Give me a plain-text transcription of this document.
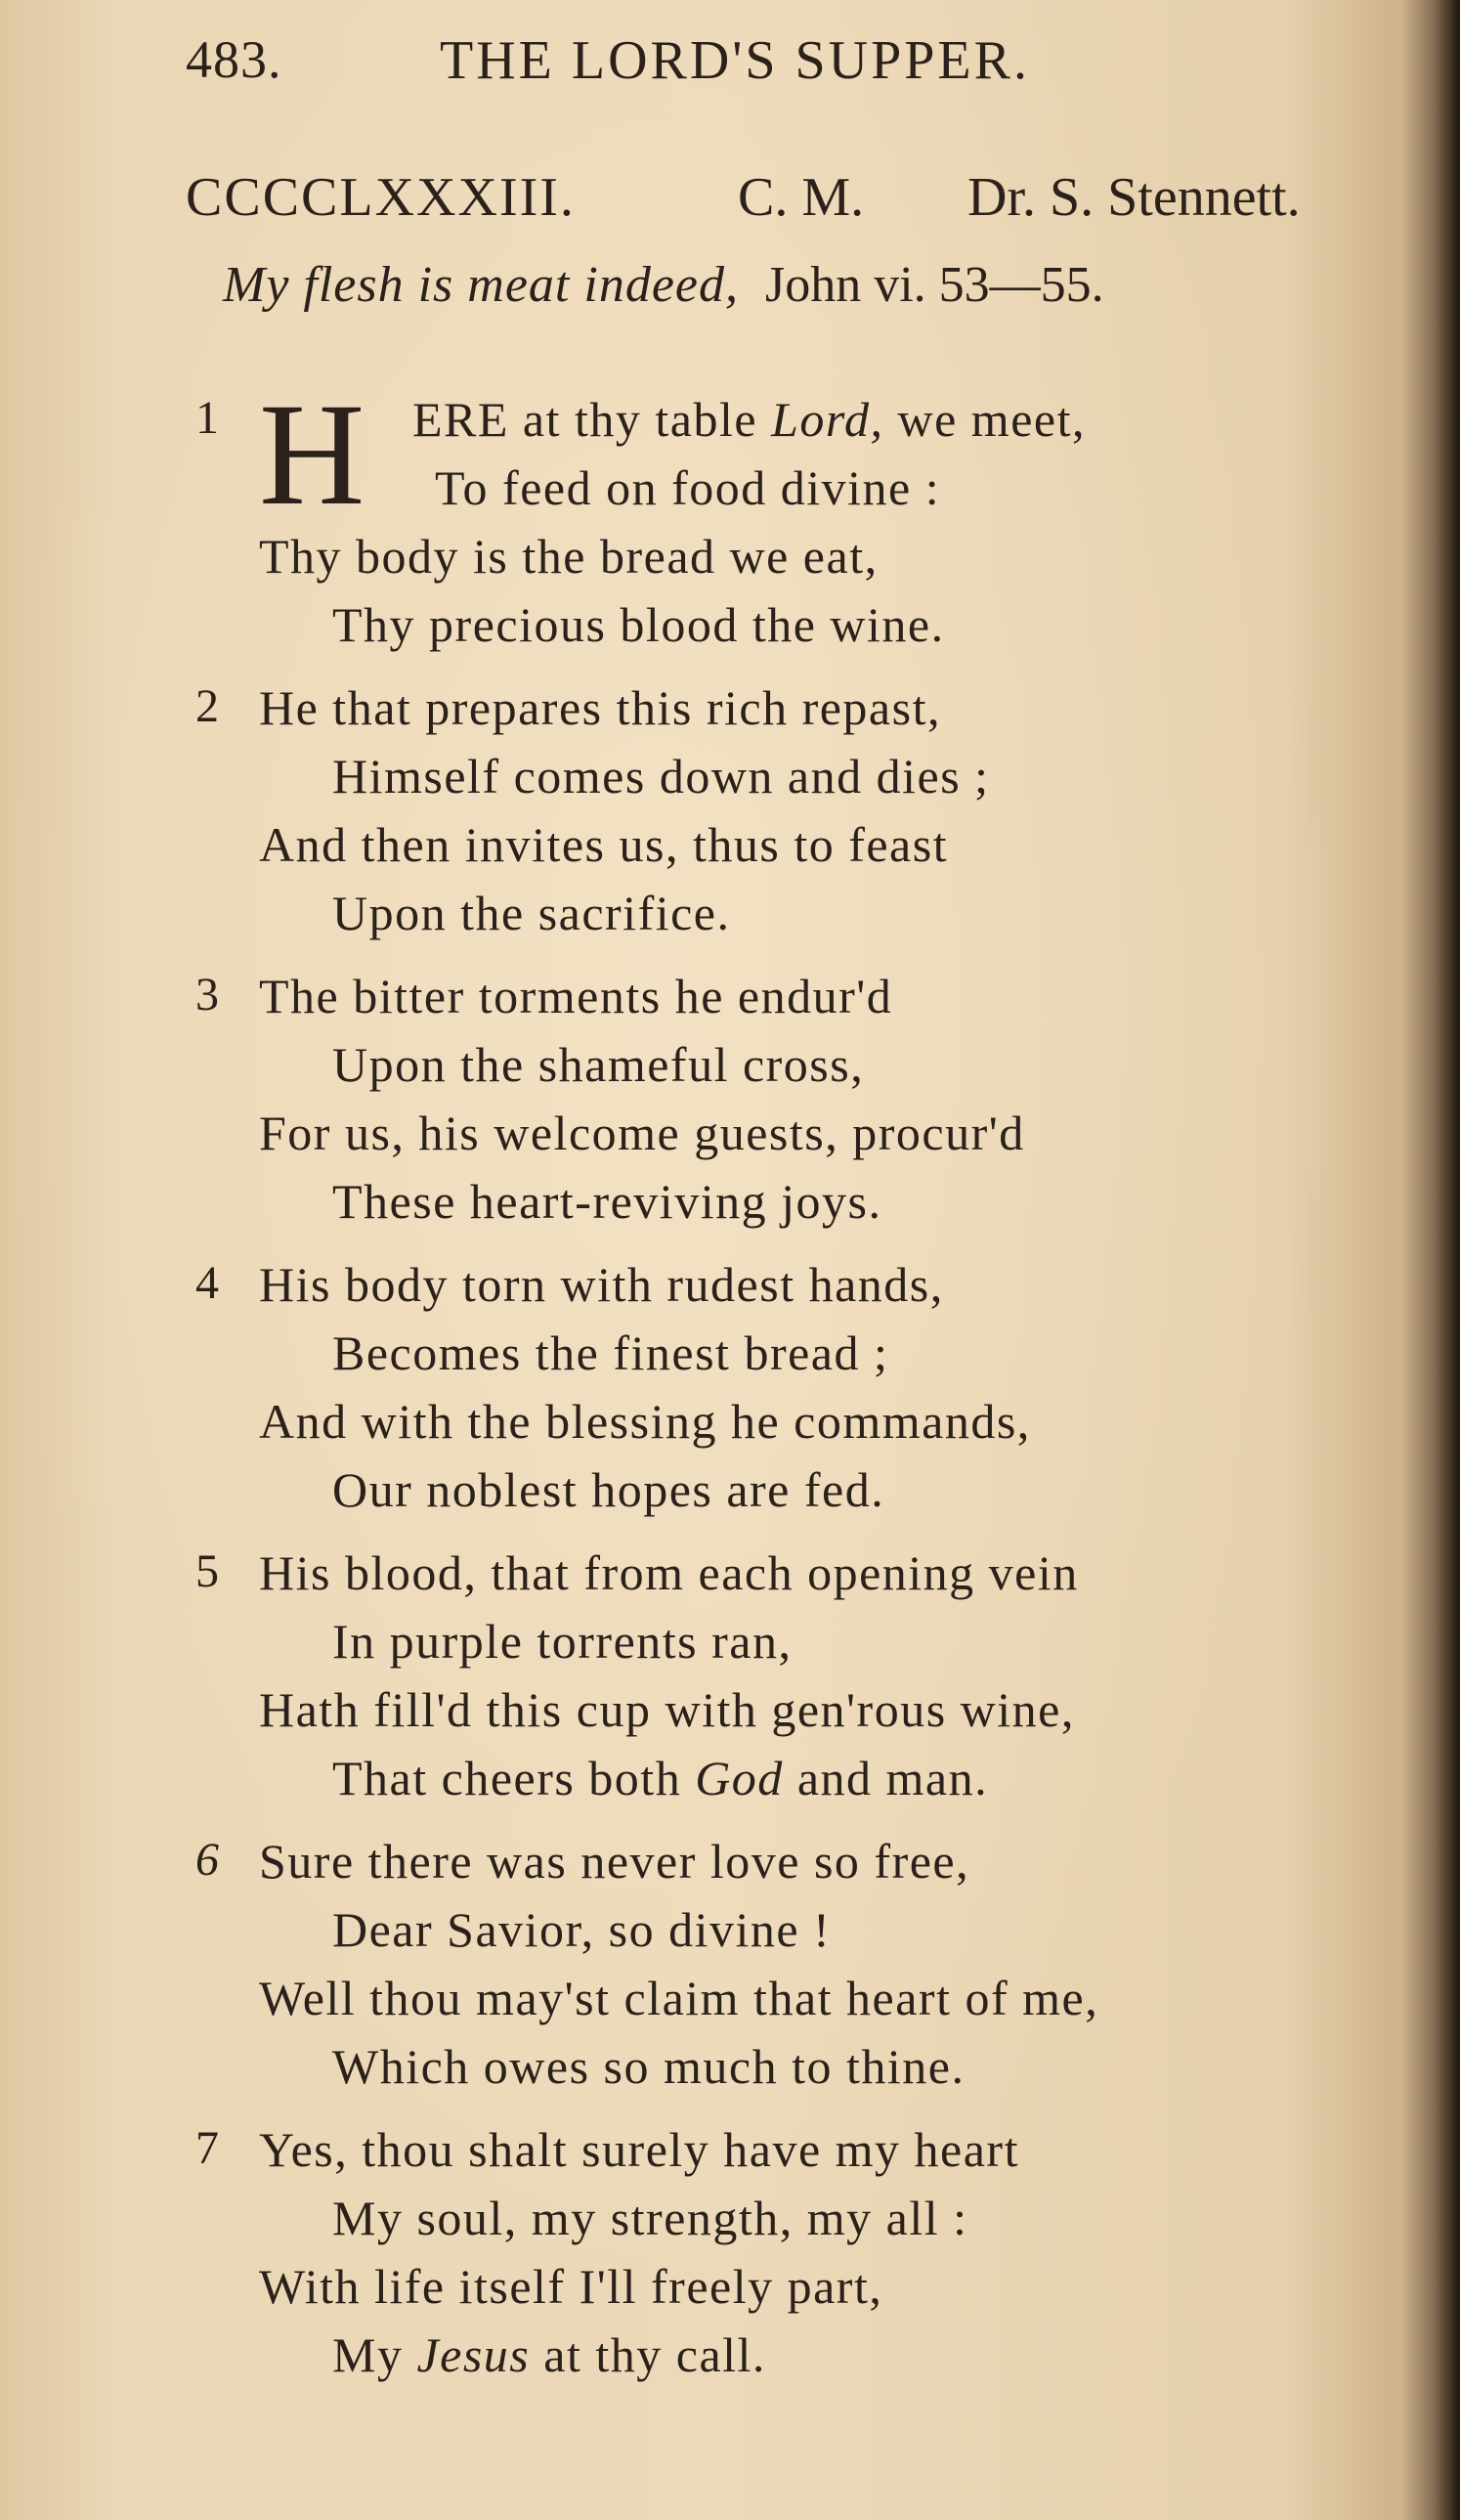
483.	THE LORD'S SUPPER.
CCCCLXXXIII.	C. M. Dr. S. Stennett.
My flesh is meat indeed, John vi. 53—55.
1 H ERE at thy table Lord, we meet,
To feed on food divine :
Thy body is the bread we eat,
Thy precious blood the wine.
2 He that prepares this rich repast,
Himself comes down and dies ;
And then invites us, thus to feast
Upon the sacrifice.
3 The bitter torments he endur'd
Upon the shameful cross,
For us, his welcome guests, procur'd
These heart-reviving joys.
4 His body torn with rudest hands,
Becomes the finest bread ;
And with the blessing he commands,
Our noblest hopes are fed.
5 His blood, that from each opening vein
In purple torrents ran,
Hath fill'd this cup with gen'rous wine,
That cheers both God and man.
6 Sure there was never love so free,
Dear Savior, so divine !
Well thou may'st claim that heart of me,
Which owes so much to thine.
7 Yes, thou shalt surely have my heart
My soul, my strength, my all :
With life itself I'll freely part,
My Jesus at thy call.
